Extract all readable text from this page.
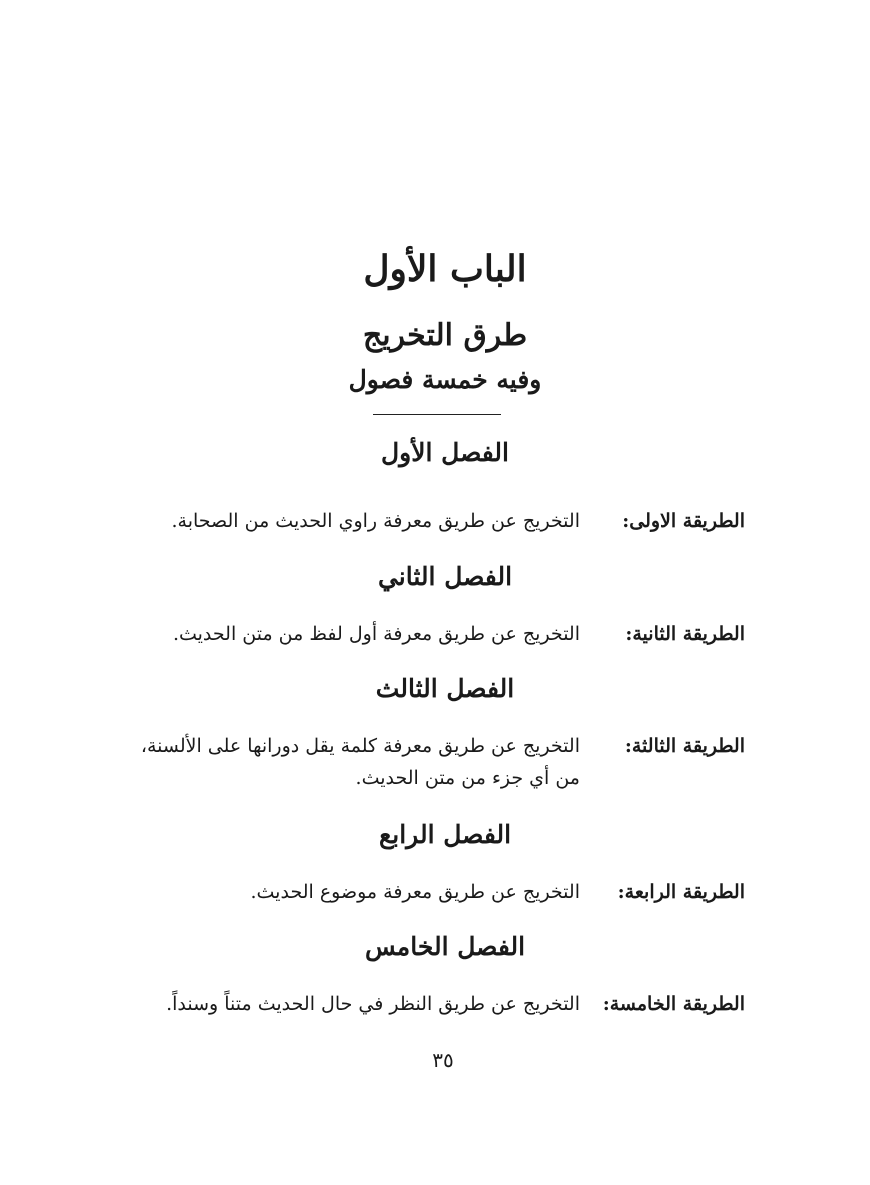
الباب الأول
طرق التخريج
وفيه خمسة فصول
الفصل الأول
الطريقة الاولى:
التخريج عن طريق معرفة راوي الحديث من الصحابة.
الفصل الثاني
الطريقة الثانية:
التخريج عن طريق معرفة أول لفظ من متن الحديث.
الفصل الثالث
الطريقة الثالثة:
التخريج عن طريق معرفة كلمة يقل دورانها على الألسنة،
من أي جزء من متن الحديث.
الفصل الرابع
الطريقة الرابعة:
التخريج عن طريق معرفة موضوع الحديث.
الفصل الخامس
الطريقة الخامسة:
التخريج عن طريق النظر في حال الحديث متناً وسنداً.
٣٥
